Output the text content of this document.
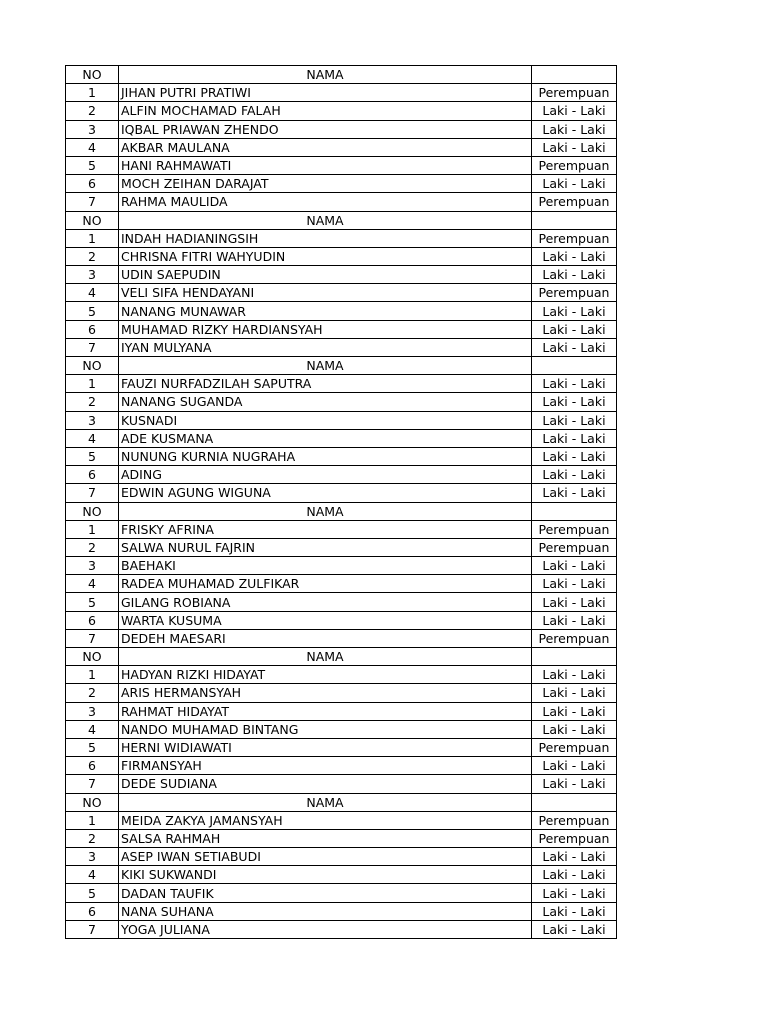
NO	NAMA	
1	JIHAN PUTRI PRATIWI	Perempuan
2	ALFIN MOCHAMAD FALAH	Laki - Laki
3	IQBAL PRIAWAN ZHENDO	Laki - Laki
4	AKBAR MAULANA	Laki - Laki
5	HANI RAHMAWATI	Perempuan
6	MOCH ZEIHAN DARAJAT	Laki - Laki
7	RAHMA MAULIDA	Perempuan
NO	NAMA	
1	INDAH HADIANINGSIH	Perempuan
2	CHRISNA FITRI WAHYUDIN	Laki - Laki
3	UDIN SAEPUDIN	Laki - Laki
4	VELI SIFA HENDAYANI	Perempuan
5	NANANG MUNAWAR	Laki - Laki
6	MUHAMAD RIZKY HARDIANSYAH	Laki - Laki
7	IYAN MULYANA	Laki - Laki
NO	NAMA	
1	FAUZI NURFADZILAH SAPUTRA	Laki - Laki
2	NANANG SUGANDA	Laki - Laki
3	KUSNADI	Laki - Laki
4	ADE KUSMANA	Laki - Laki
5	NUNUNG KURNIA NUGRAHA	Laki - Laki
6	ADING	Laki - Laki
7	EDWIN AGUNG WIGUNA	Laki - Laki
NO	NAMA	
1	FRISKY AFRINA	Perempuan
2	SALWA NURUL FAJRIN	Perempuan
3	BAEHAKI	Laki - Laki
4	RADEA MUHAMAD ZULFIKAR	Laki - Laki
5	GILANG ROBIANA	Laki - Laki
6	WARTA KUSUMA	Laki - Laki
7	DEDEH MAESARI	Perempuan
NO	NAMA	
1	HADYAN RIZKI HIDAYAT	Laki - Laki
2	ARIS HERMANSYAH	Laki - Laki
3	RAHMAT HIDAYAT	Laki - Laki
4	NANDO MUHAMAD BINTANG	Laki - Laki
5	HERNI WIDIAWATI	Perempuan
6	FIRMANSYAH	Laki - Laki
7	DEDE SUDIANA	Laki - Laki
NO	NAMA	
1	MEIDA ZAKYA JAMANSYAH	Perempuan
2	SALSA RAHMAH	Perempuan
3	ASEP IWAN SETIABUDI	Laki - Laki
4	KIKI SUKWANDI	Laki - Laki
5	DADAN TAUFIK	Laki - Laki
6	NANA SUHANA	Laki - Laki
7	YOGA JULIANA	Laki - Laki
